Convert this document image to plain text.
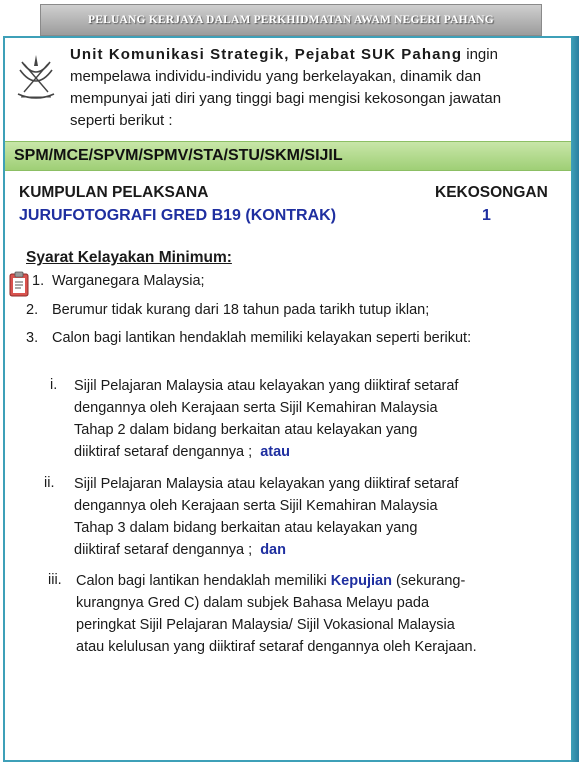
PELUANG KERJAYA DALAM PERKHIDMATAN AWAM NEGERI PAHANG
Unit Komunikasi Strategik, Pejabat SUK Pahang ingin
mempelawa individu-individu yang berkelayakan, dinamik dan
mempunyai jati diri yang tinggi bagi mengisi kekosongan jawatan
seperti berikut :
SPM/MCE/SPVM/SPMV/STA/STU/SKM/SIJIL
KUMPULAN PELAKSANA	KEKOSONGAN
JURUFOTOGRAFI GRED B19 (KONTRAK)	1
Syarat Kelayakan Minimum:
1. Warganegara Malaysia;
2. Berumur tidak kurang dari 18 tahun pada tarikh tutup iklan;
3. Calon bagi lantikan hendaklah memiliki kelayakan seperti berikut:
i. Sijil Pelajaran Malaysia atau kelayakan yang diiktiraf setaraf
dengannya oleh Kerajaan serta Sijil Kemahiran Malaysia
Tahap 2 dalam bidang berkaitan atau kelayakan yang
diiktiraf setaraf dengannya ; atau
ii. Sijil Pelajaran Malaysia atau kelayakan yang diiktiraf setaraf
dengannya oleh Kerajaan serta Sijil Kemahiran Malaysia
Tahap 3 dalam bidang berkaitan atau kelayakan yang
diiktiraf setaraf dengannya ; dan
iii. Calon bagi lantikan hendaklah memiliki Kepujian (sekurang-
kurangnya Gred C) dalam subjek Bahasa Melayu pada
peringkat Sijil Pelajaran Malaysia/ Sijil Vokasional Malaysia
atau kelulusan yang diiktiraf setaraf dengannya oleh Kerajaan.
